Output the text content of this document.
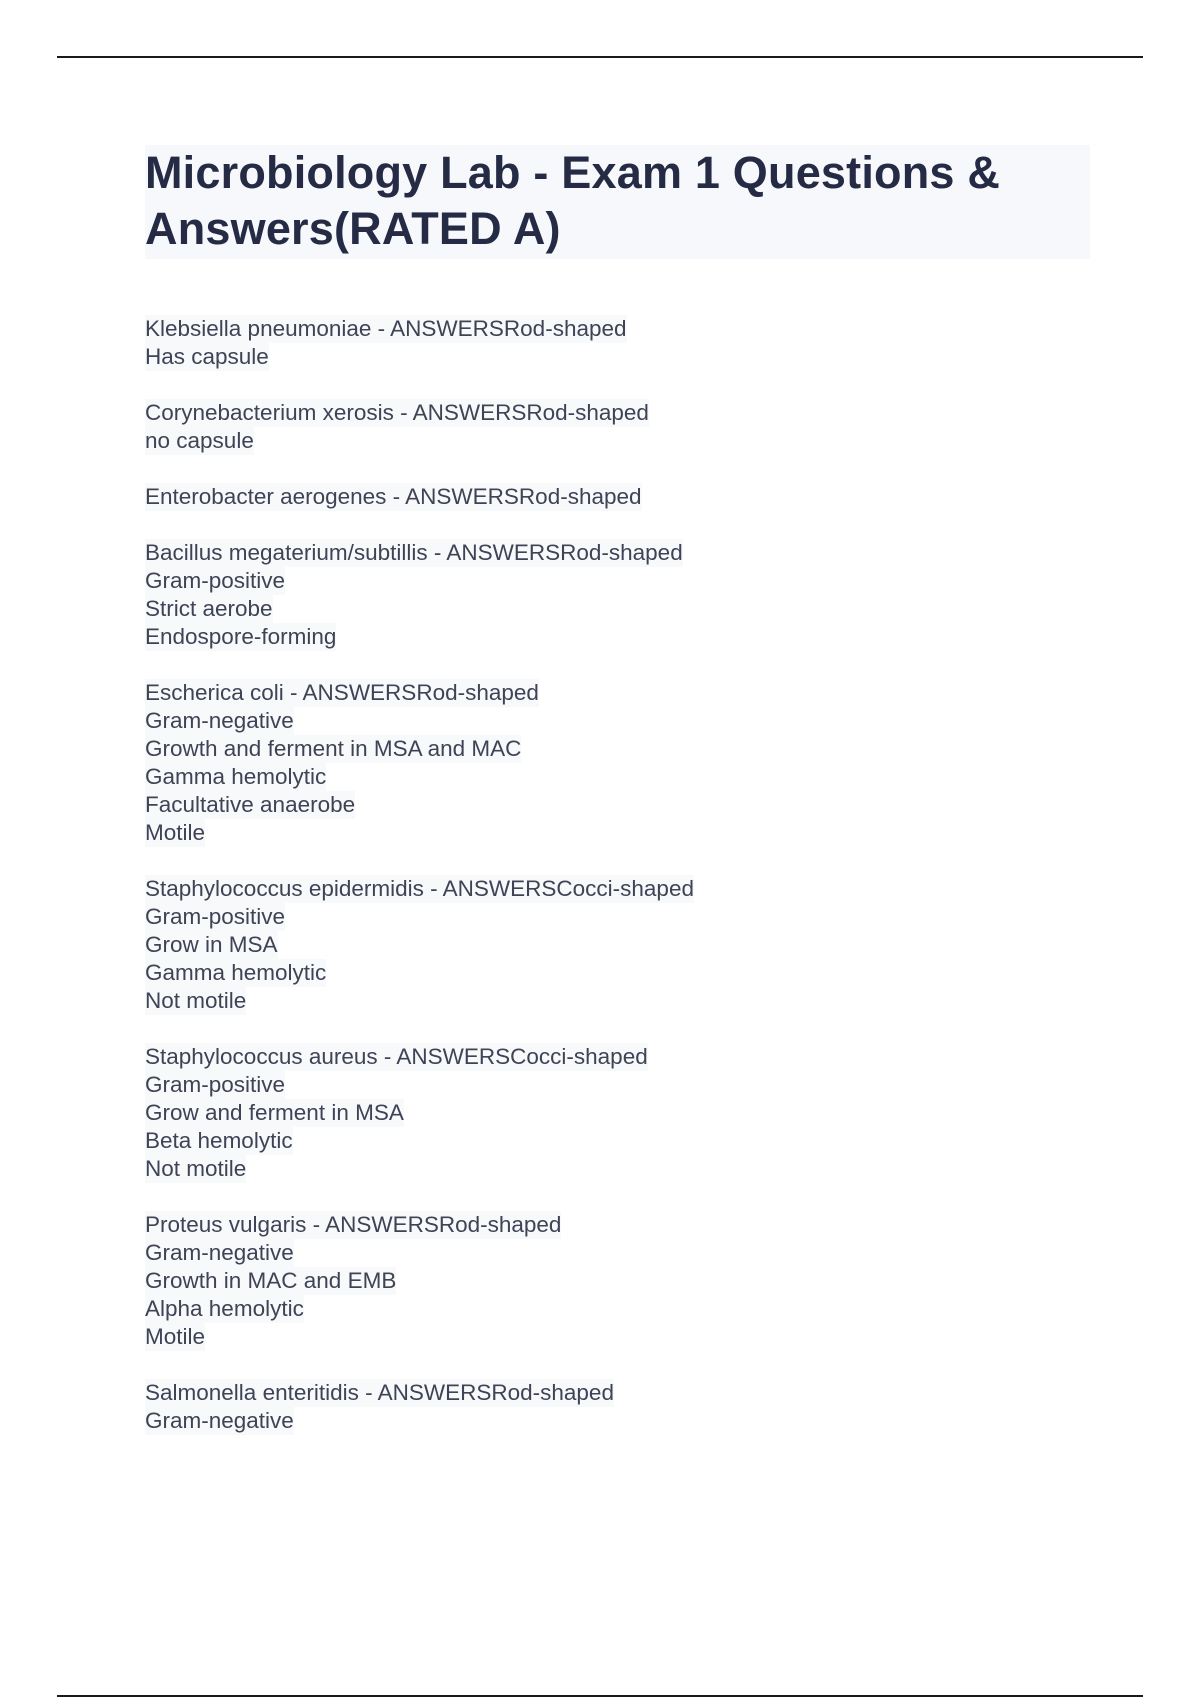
Microbiology Lab - Exam 1 Questions & Answers(RATED A)
Klebsiella pneumoniae - ANSWERSRod-shaped
Has capsule
Corynebacterium xerosis - ANSWERSRod-shaped
no capsule
Enterobacter aerogenes - ANSWERSRod-shaped
Bacillus megaterium/subtillis - ANSWERSRod-shaped
Gram-positive
Strict aerobe
Endospore-forming
Escherica coli - ANSWERSRod-shaped
Gram-negative
Growth and ferment in MSA and MAC
Gamma hemolytic
Facultative anaerobe
Motile
Staphylococcus epidermidis - ANSWERSCocci-shaped
Gram-positive
Grow in MSA
Gamma hemolytic
Not motile
Staphylococcus aureus - ANSWERSCocci-shaped
Gram-positive
Grow and ferment in MSA
Beta hemolytic
Not motile
Proteus vulgaris - ANSWERSRod-shaped
Gram-negative
Growth in MAC and EMB
Alpha hemolytic
Motile
Salmonella enteritidis - ANSWERSRod-shaped
Gram-negative
